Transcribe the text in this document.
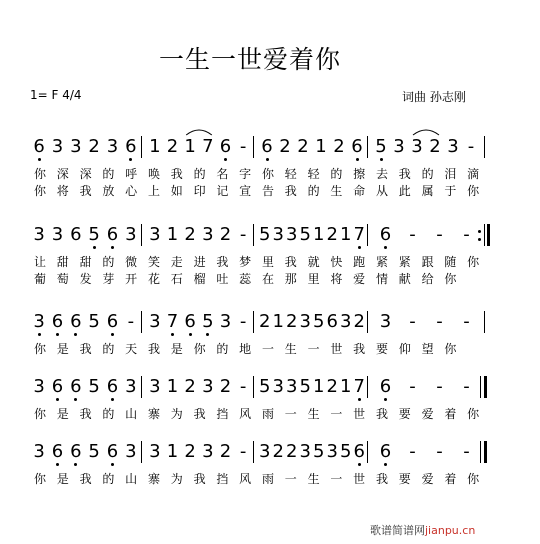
一生一世爱着你
1= F 4/4	词曲 孙志刚
歌谱简谱网jianpu.cn
6 3 3 2 3 6 1 2 1 7 6 - 6 2 2 1 2 6 5 3 3 2 3 -
你 深 深 的 呼 唤 我 的 名 字 你 轻 轻 的 擦 去 我 的 泪 滴
你 将 我 放 心 上 如 印 记 宣 告 我 的 生 命 从 此 属 于 你
3 3 6 5 6 3 3 1 2 3 2 - 5 3 3 5 1 2 1 7 6 - - -
让 甜 甜 的 微 笑 走 进 我 梦 里 我 就 快 跑 紧 紧 跟 随 你
葡 萄 发 芽 开 花 石 榴 吐 蕊 在 那 里 将 爱 情 献 给 你
3 6 6 5 6 - 3 7 6 5 3 - 2 1 2 3 5 6 3 2 3 - - -
你 是 我 的 天 我 是 你 的 地 一 生 一 世 我 要 仰 望 你
3 6 6 5 6 3 3 1 2 3 2 - 5 3 3 5 1 2 1 7 6 - - -
你 是 我 的 山 寨 为 我 挡 风 雨 一 生 一 世 我 要 爱 着 你
3 6 6 5 6 3 3 1 2 3 2 - 3 2 2 3 5 3 5 6 6 - - -
你 是 我 的 山 寨 为 我 挡 风 雨 一 生 一 世 我 要 爱 着 你
